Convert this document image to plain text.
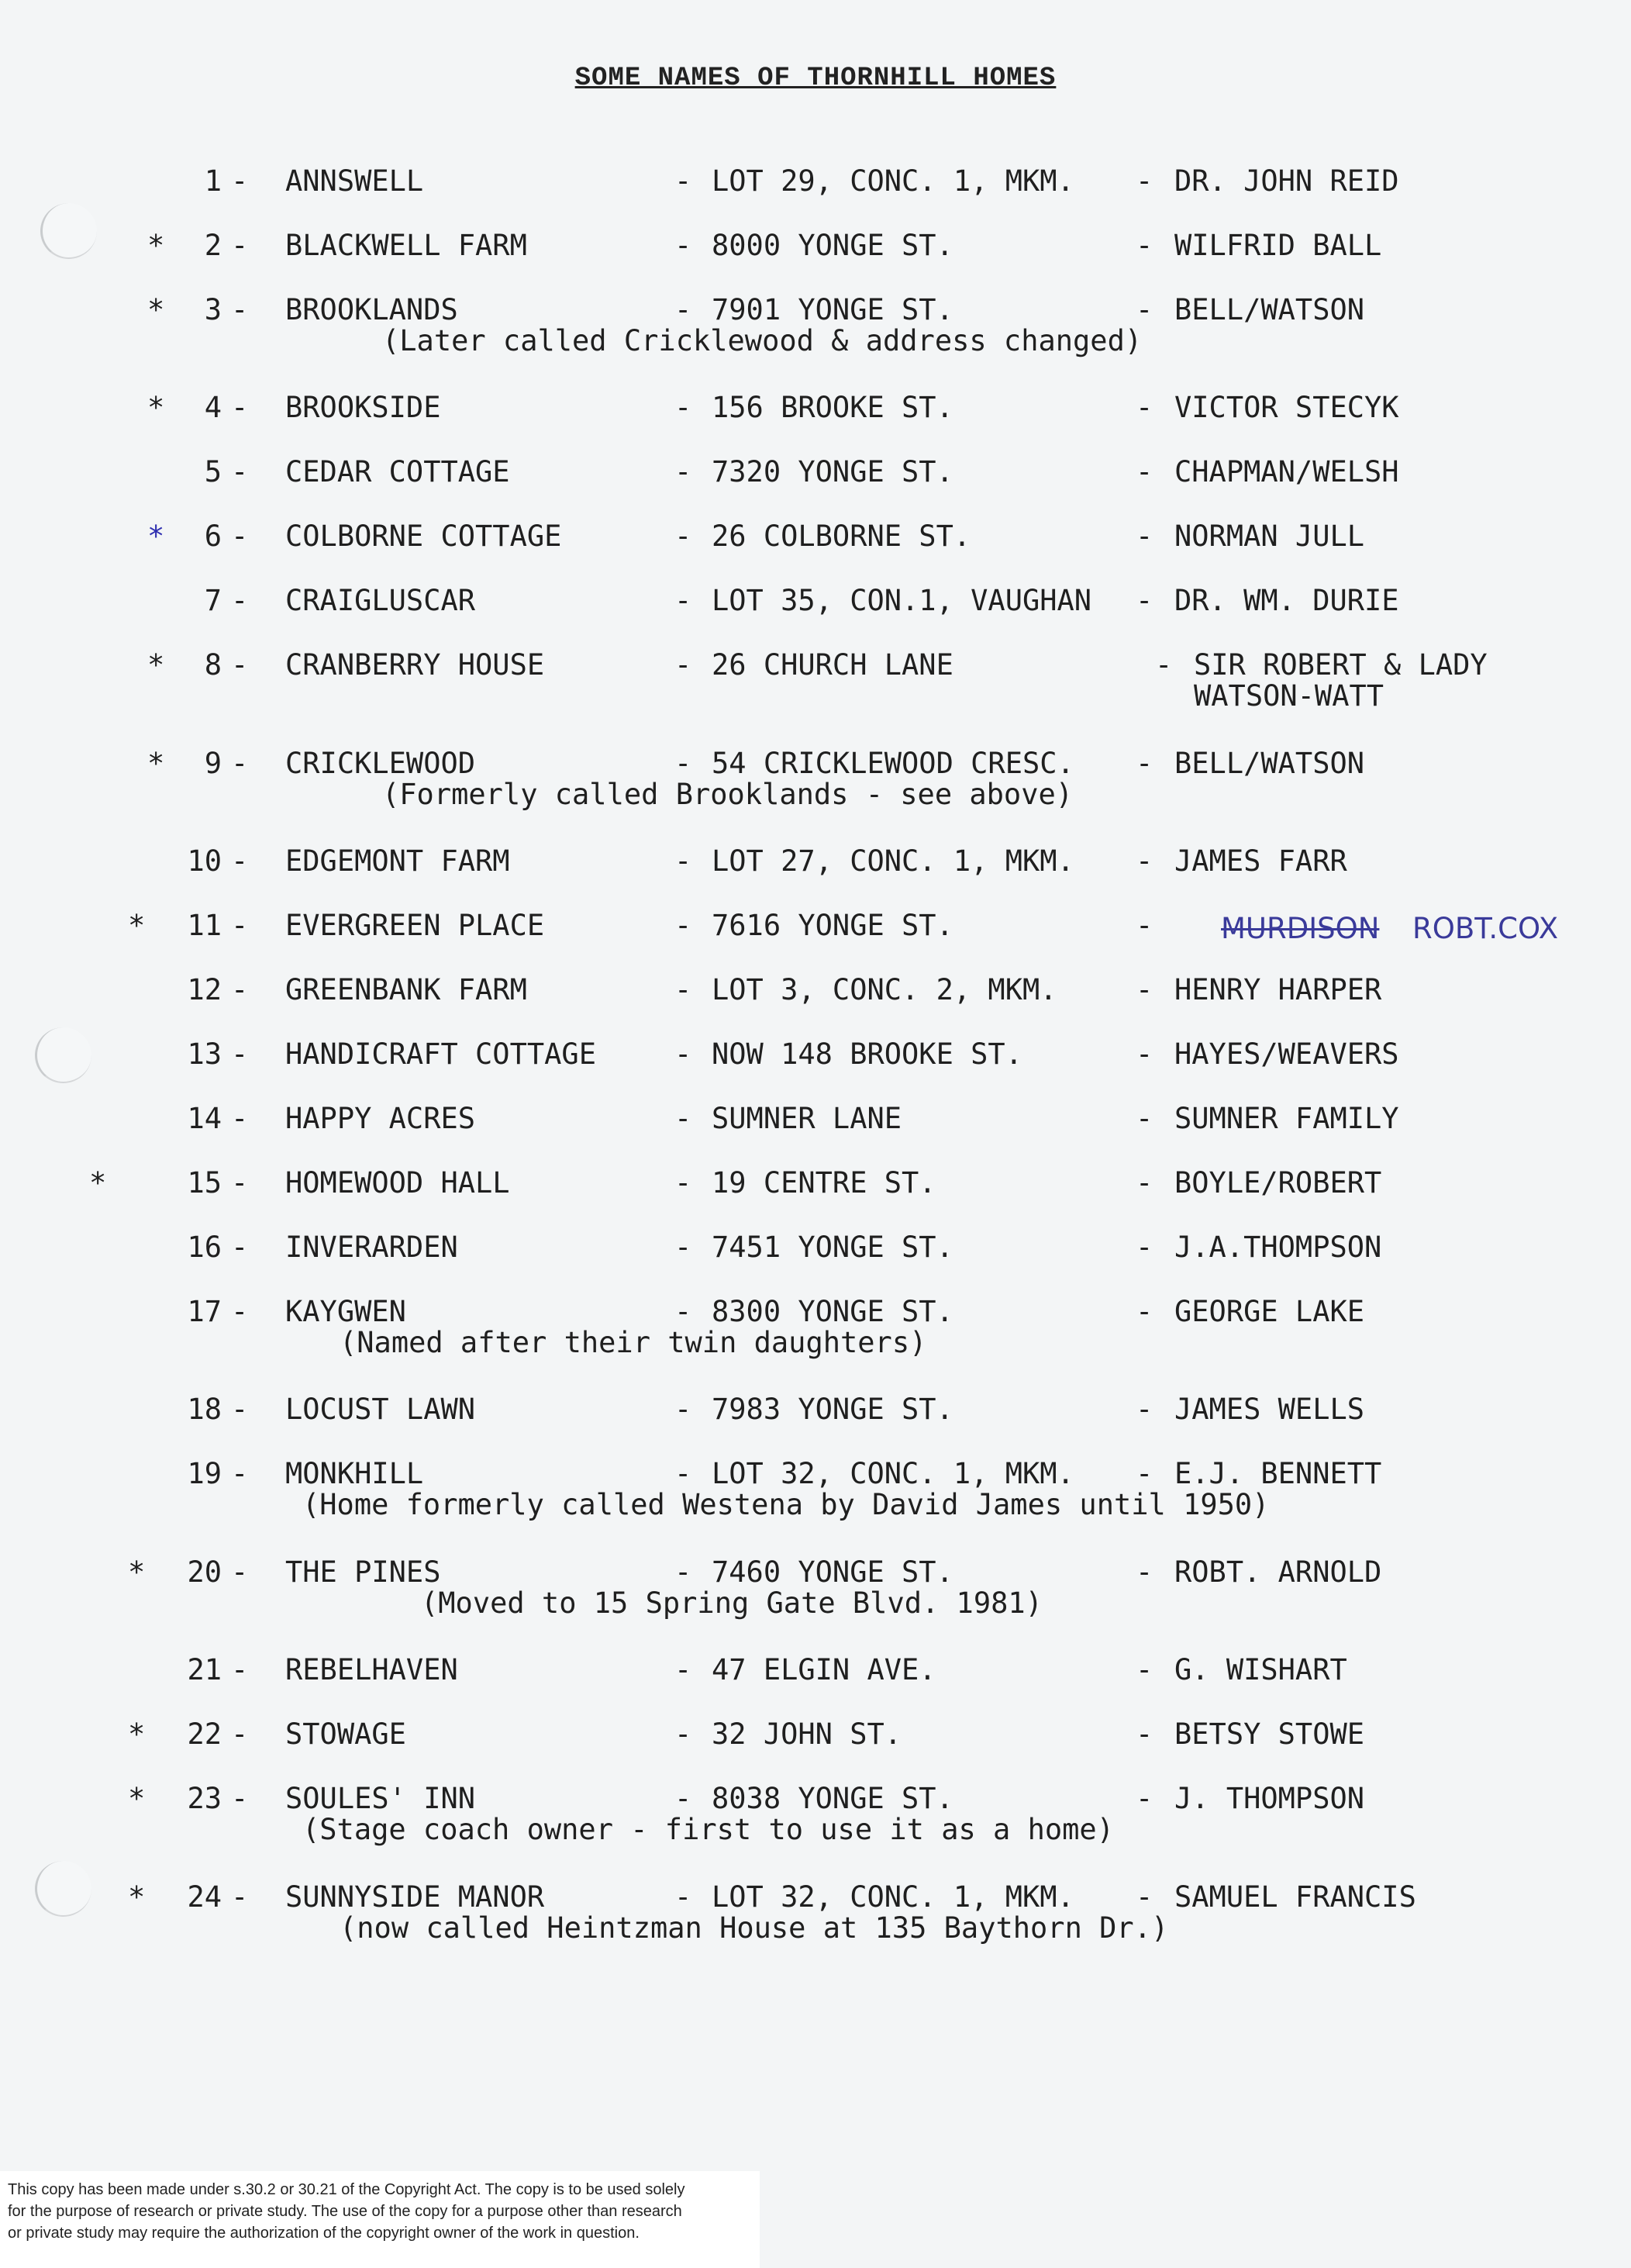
SOME NAMES OF THORNHILL HOMES
1 - ANNSWELL	- LOT 29, CONC. 1, MKM. - DR. JOHN REID
*	2 - BLACKWELL FARM	- 8000 YONGE ST.	- WILFRID BALL
*	3 - BROOKLANDS	- 7901 YONGE ST.	- BELL/WATSON
(Later called Cricklewood & address changed)
*	4 - BROOKSIDE	- 156 BROOKE ST.	- VICTOR STECYK
5 - CEDAR COTTAGE	- 7320 YONGE ST.	- CHAPMAN/WELSH
*	6 - COLBORNE COTTAGE	- 26 COLBORNE ST.	- NORMAN JULL
7 - CRAIGLUSCAR	- LOT 35, CON.1, VAUGHAN - DR. WM. DURIE
*	8 - CRANBERRY HOUSE	- 26 CHURCH LANE	- SIR ROBERT & LADY
WATSON-WATT
*	9 - CRICKLEWOOD	- 54 CRICKLEWOOD CRESC. - BELL/WATSON
(Formerly called Brooklands - see above)
10 - EDGEMONT FARM	- LOT 27, CONC. 1, MKM. - JAMES FARR
*	11 - EVERGREEN PLACE	- 7616 YONGE ST.	- MURDISON ROBT.COX
12 - GREENBANK FARM	- LOT 3, CONC. 2, MKM.	- HENRY HARPER
13 - HANDICRAFT COTTAGE	- NOW 148 BROOKE ST.	- HAYES/WEAVERS
14 - HAPPY ACRES	- SUMNER LANE	- SUMNER FAMILY
*	15 - HOMEWOOD HALL	- 19 CENTRE ST.	- BOYLE/ROBERT
16 - INVERARDEN	- 7451 YONGE ST.	- J.A.THOMPSON
17 - KAYGWEN	- 8300 YONGE ST.	- GEORGE LAKE
(Named after their twin daughters)
18 - LOCUST LAWN	- 7983 YONGE ST.	- JAMES WELLS
19 - MONKHILL	- LOT 32, CONC. 1, MKM. - E.J. BENNETT
(Home formerly called Westena by David James until 1950)
*	20 - THE PINES	- 7460 YONGE ST.	- ROBT. ARNOLD
(Moved to 15 Spring Gate Blvd. 1981)
21 - REBELHAVEN	- 47 ELGIN AVE.	- G. WISHART
*	22 - STOWAGE	- 32 JOHN ST.	- BETSY STOWE
*	23 - SOULES' INN	- 8038 YONGE ST.	- J. THOMPSON
(Stage coach owner - first to use it as a home)
*	24 - SUNNYSIDE MANOR	- LOT 32, CONC. 1, MKM. - SAMUEL FRANCIS
(now called Heintzman House at 135 Baythorn Dr.)
This copy has been made under s.30.2 or 30.21 of the Copyright Act. The copy is to be used solely
for the purpose of research or private study. The use of the copy for a purpose other than research
or private study may require the authorization of the copyright owner of the work in question.
